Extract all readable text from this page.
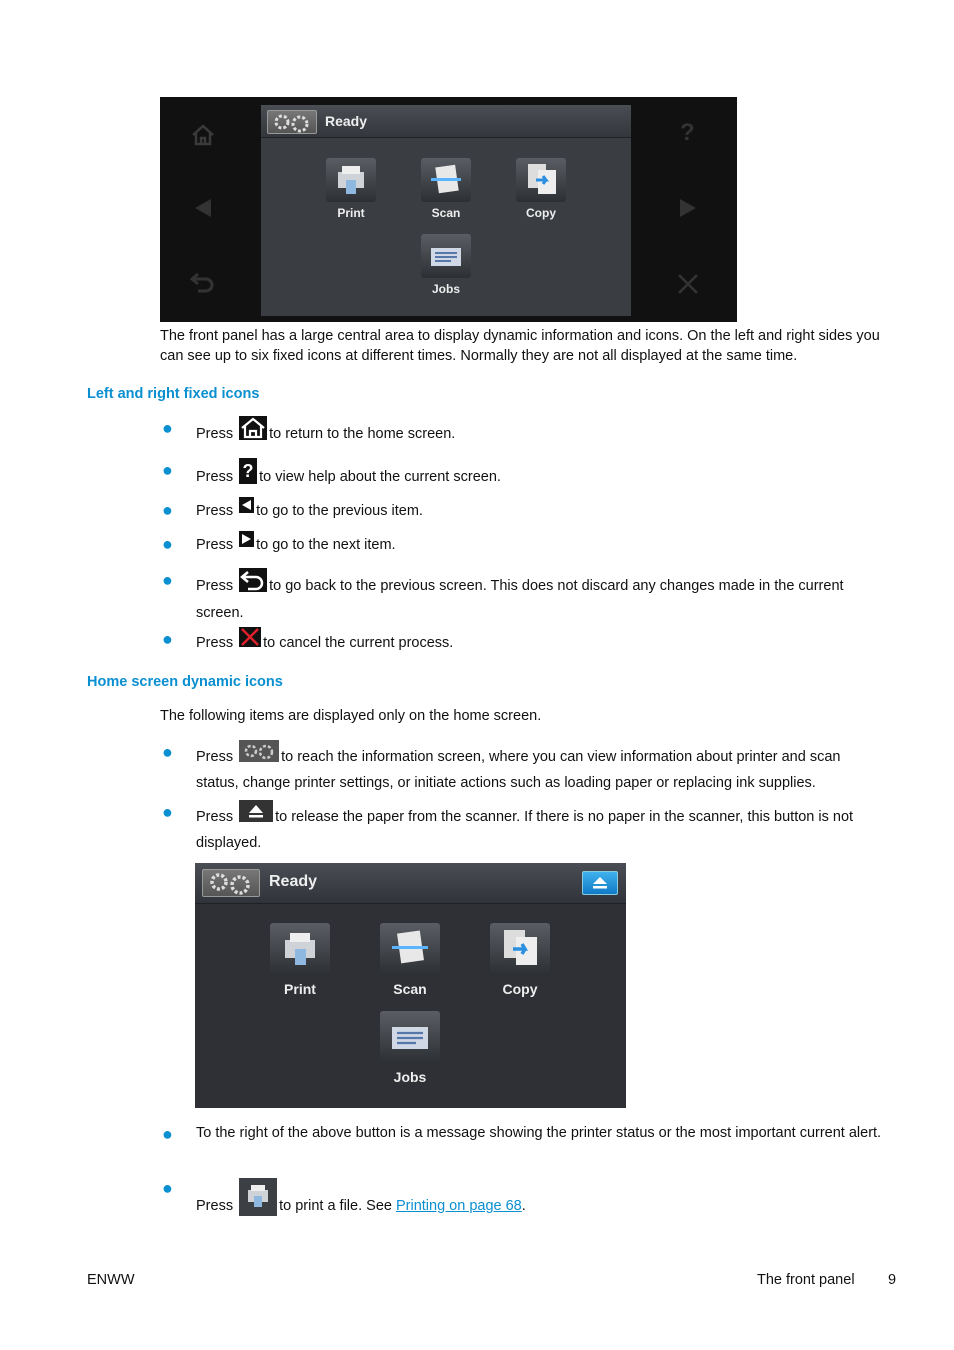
?
Ready
Print	Scan	Copy
Jobs
The front panel has a large central area to display dynamic information and icons. On the left and right sides you can see up to six fixed icons at different times. Normally they are not all displayed at the same time.
Left and right fixed icons
● Press to return to the home screen.
● Press ? to view help about the current screen.
● Press to go to the previous item.
● Press to go to the next item.
● Press to go back to the previous screen. This does not discard any changes made in the current screen.
● Press to cancel the current process.
Home screen dynamic icons
The following items are displayed only on the home screen.
● Press	to reach the information screen, where you can view information about printer and scan status, change printer settings, or initiate actions such as loading paper or replacing ink supplies.
● Press	to release the paper from the scanner. If there is no paper in the scanner, this button is not displayed.
Ready
Print	Scan	Copy
Jobs
● To the right of the above button is a message showing the printer status or the most important current alert.
●
Press	to print a file. See Printing on page 68.
ENWW	The front panel 9
